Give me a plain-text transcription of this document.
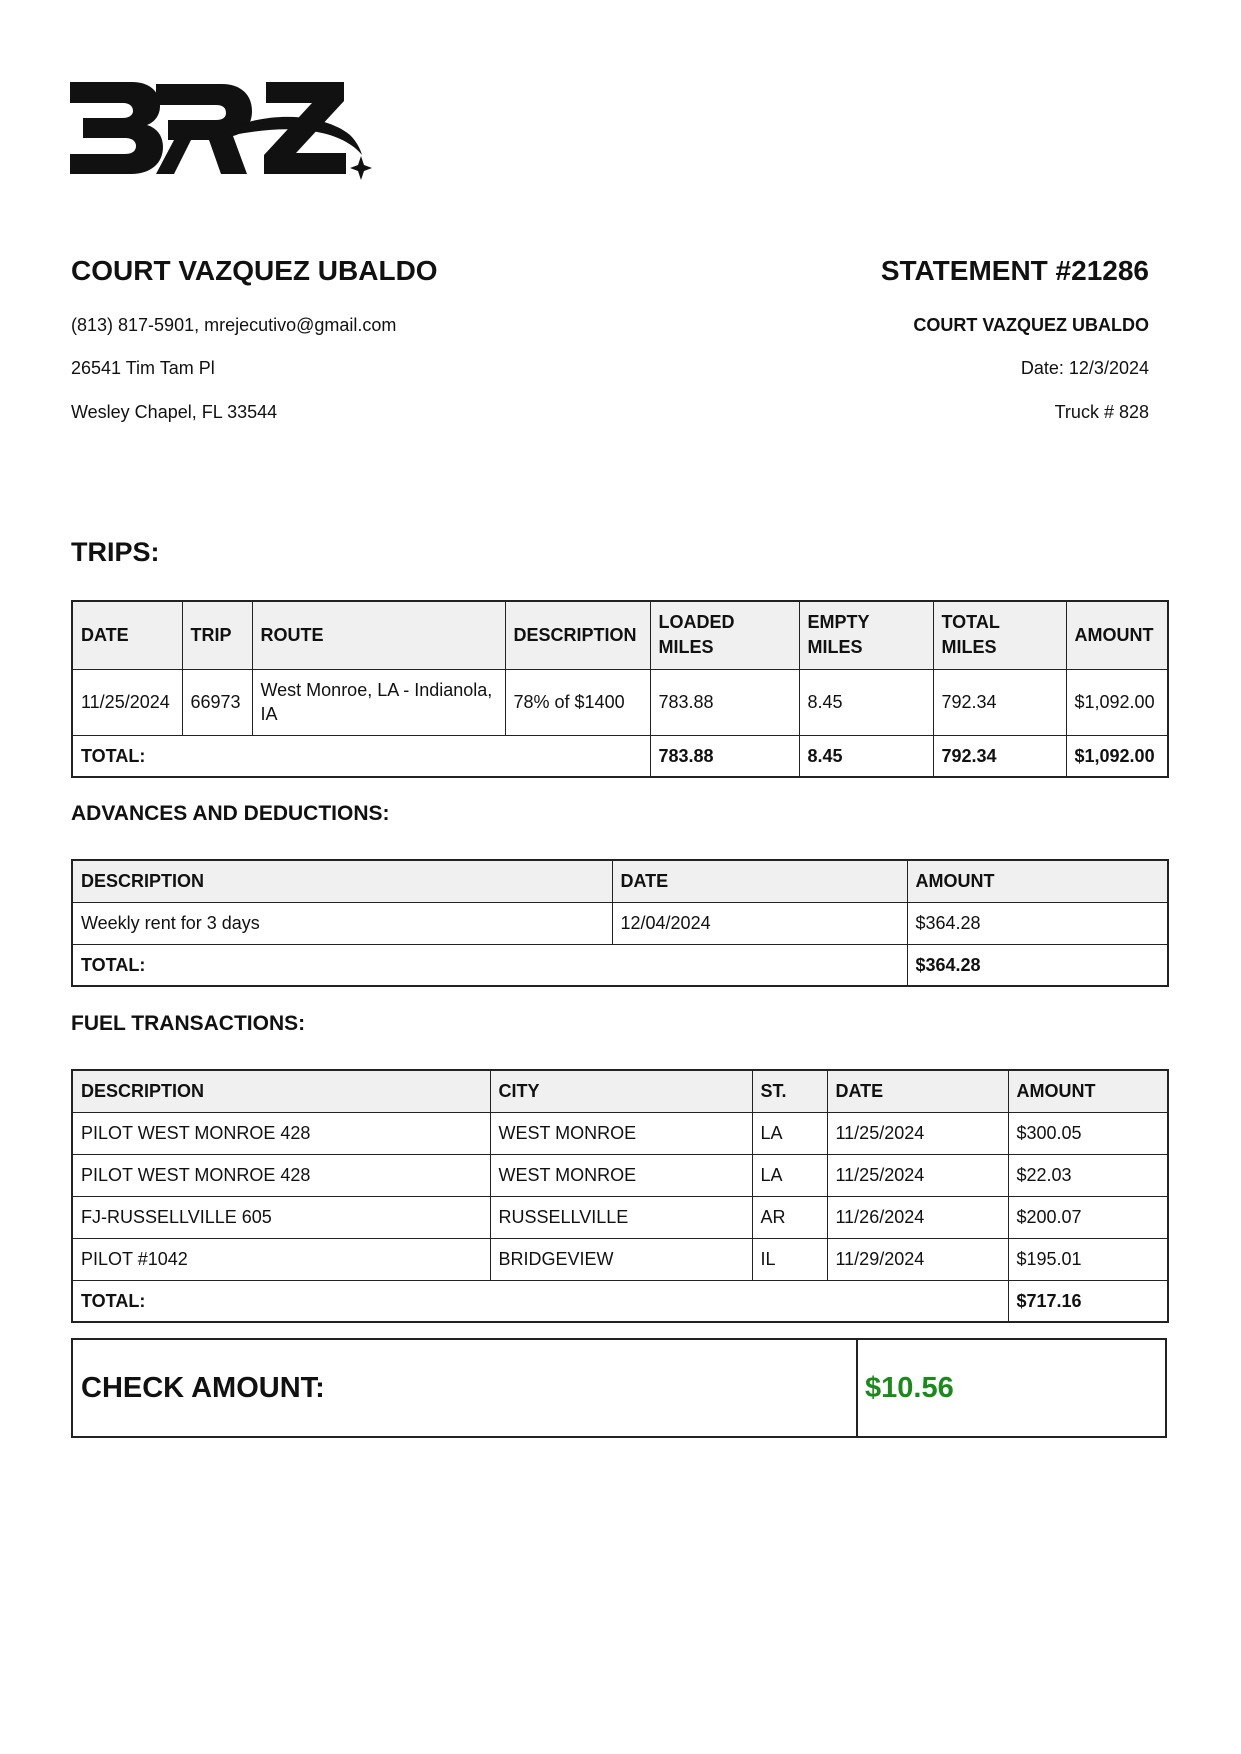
COURT VAZQUEZ UBALDO

(813) 817-5901, mrejecutivo@gmail.com

26541 Tim Tam Pl

Wesley Chapel, FL 33544

STATEMENT #21286

COURT VAZQUEZ UBALDO

Date: 12/3/2024

Truck # 828

TRIPS:

DATE	TRIP	ROUTE	DESCRIPTION	LOADED MILES	EMPTY MILES	TOTAL MILES	AMOUNT
11/25/2024	66973	West Monroe, LA - Indianola, IA	78% of $1400	783.88	8.45	792.34	$1,092.00
TOTAL:				783.88	8.45	792.34	$1,092.00

ADVANCES AND DEDUCTIONS:

DESCRIPTION	DATE	AMOUNT
Weekly rent for 3 days	12/04/2024	$364.28
TOTAL:		$364.28

FUEL TRANSACTIONS:

DESCRIPTION	CITY	ST.	DATE	AMOUNT
PILOT WEST MONROE 428	WEST MONROE	LA	11/25/2024	$300.05
PILOT WEST MONROE 428	WEST MONROE	LA	11/25/2024	$22.03
FJ-RUSSELLVILLE 605	RUSSELLVILLE	AR	11/26/2024	$200.07
PILOT #1042	BRIDGEVIEW	IL	11/29/2024	$195.01
TOTAL:				$717.16
CHECK AMOUNT:	$10.56
